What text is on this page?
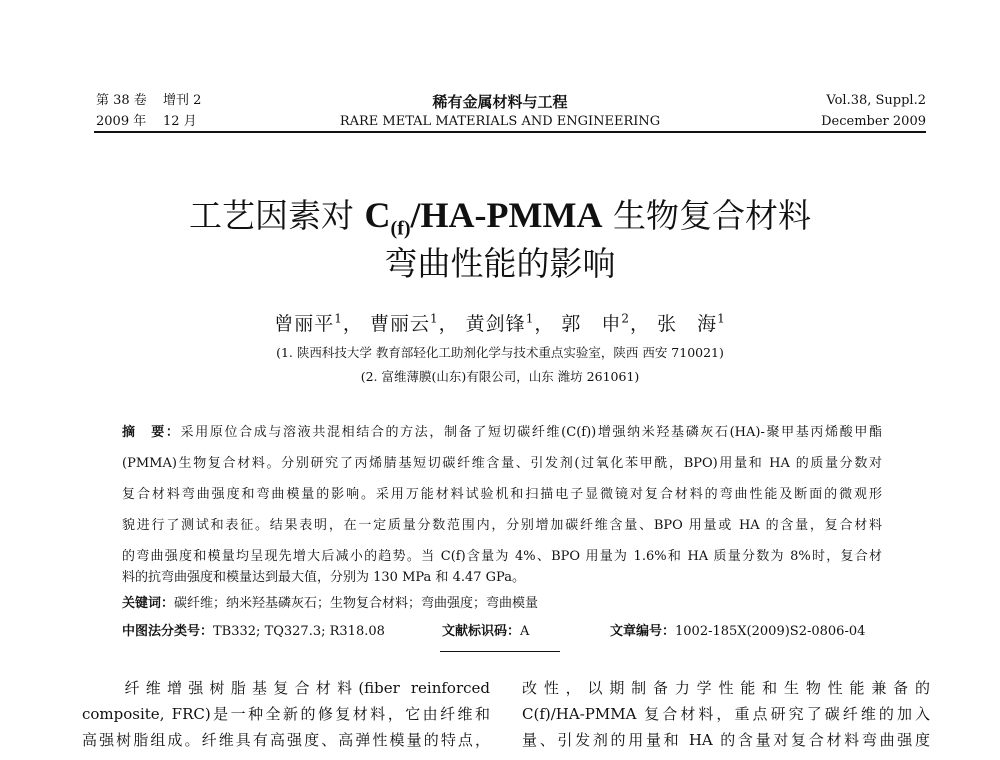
第 38 卷 增刊 2
2009 年 12 月
稀有金属材料与工程
RARE METAL MATERIALS AND ENGINEERING
Vol.38, Suppl.2
December 2009
工艺因素对 $C_{(f)}/HA$-PMMA 生物复合材料
弯曲性能的影响
曾丽平$^1$， 曹丽云$^1$， 黄剑锋$^1$， 郭　申$^2$， 张　海$^1$
(1. 陕西科技大学 教育部轻化工助剂化学与技术重点实验室，陕西 西安 710021)
(2. 富维薄膜(山东)有限公司，山东 潍坊 261061)
摘　要：采用原位合成与溶液共混相结合的方法，制备了短切碳纤维(C(f))增强纳米羟基磷灰石(HA)-聚甲基丙烯酸甲酯
(PMMA)生物复合材料。分别研究了丙烯腈基短切碳纤维含量、引发剂(过氧化苯甲酰，BPO)用量和 HA 的质量分数对
复合材料弯曲强度和弯曲模量的影响。采用万能材料试验机和扫描电子显微镜对复合材料的弯曲性能及断面的微观形
貌进行了测试和表征。结果表明，在一定质量分数范围内，分别增加碳纤维含量、BPO 用量或 HA 的含量，复合材料
的弯曲强度和模量均呈现先增大后减小的趋势。当 C(f)含量为 4%、BPO 用量为 1.6%和 HA 质量分数为 8%时，复合材
料的抗弯曲强度和模量达到最大值，分别为 130 MPa 和 4.47 GPa。
关键词：碳纤维；纳米羟基磷灰石；生物复合材料；弯曲强度；弯曲模量
中图法分类号：TB332; TQ327.3; R318.08	文献标识码：A	文章编号：1002-185X(2009)S2-0806-04
　　纤维增强树脂基复合材料(fiber reinforced
composite, FRC)是一种全新的修复材料，它由纤维和
高强树脂组成。纤维具有高强度、高弹性模量的特点，
改性，以期制备力学性能和生物性能兼备的
C(f)/HA-PMMA 复合材料，重点研究了碳纤维的加入
量、引发剂的用量和 HA 的含量对复合材料弯曲强度
